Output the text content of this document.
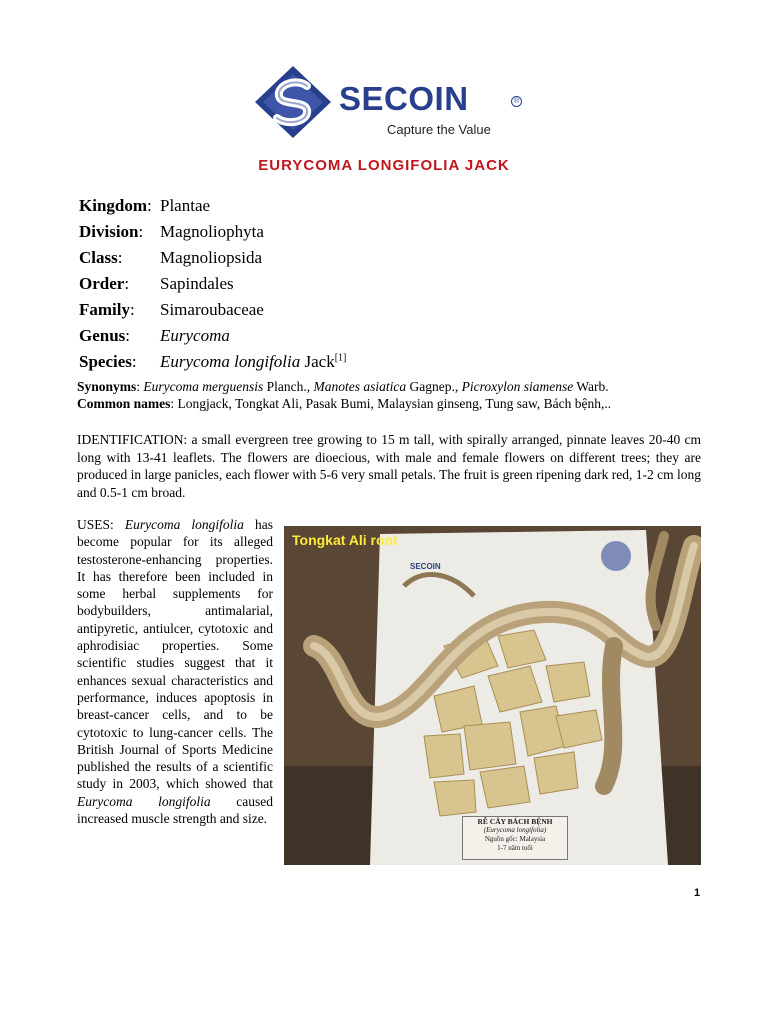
SECOIN	®
Capture the Value
EURYCOMA LONGIFOLIA JACK
Kingdom:Plantae
Division: Magnoliophyta
Class: Magnoliopsida
Order: Sapindales
Family: Simaroubaceae
Genus: Eurycoma
Species: Eurycoma longifolia Jack[1]
Synonyms: Eurycoma merguensis Planch., Manotes asiatica Gagnep., Picroxylon siamense Warb.
Common names: Longjack, Tongkat Ali, Pasak Bumi, Malaysian ginseng, Tung saw, Bách bệnh,..
IDENTIFICATION: a small evergreen tree growing to 15 m tall, with spirally arranged, pinnate leaves 20-40 cm long with 13-41 leaflets. The flowers are dioecious, with male and female flowers on different trees; they are produced in large panicles, each flower with 5-6 very small petals. The fruit is green ripening dark red, 1-2 cm long and 0.5-1 cm broad.
USES: Eurycoma longifolia has become popular for its alleged testosterone-enhancing properties. It has therefore been included in some herbal supplements for bodybuilders, antimalarial, antipyretic, antiulcer, cytotoxic and aphrodisiac properties. Some scientific studies suggest that it enhances sexual characteristics and performance, induces apoptosis in breast-cancer cells, and to be cytotoxic to lung-cancer cells. The British Journal of Sports Medicine published the results of a scientific study in 2003, which showed that Eurycoma longifolia caused increased muscle strength and size.
Tongkat Ali root
SECOIN
RỄ CÂY BÁCH BỆNH
(Eurycoma longifolia)
Nguồn gốc: Malaysia
1-7 năm tuổi
1
